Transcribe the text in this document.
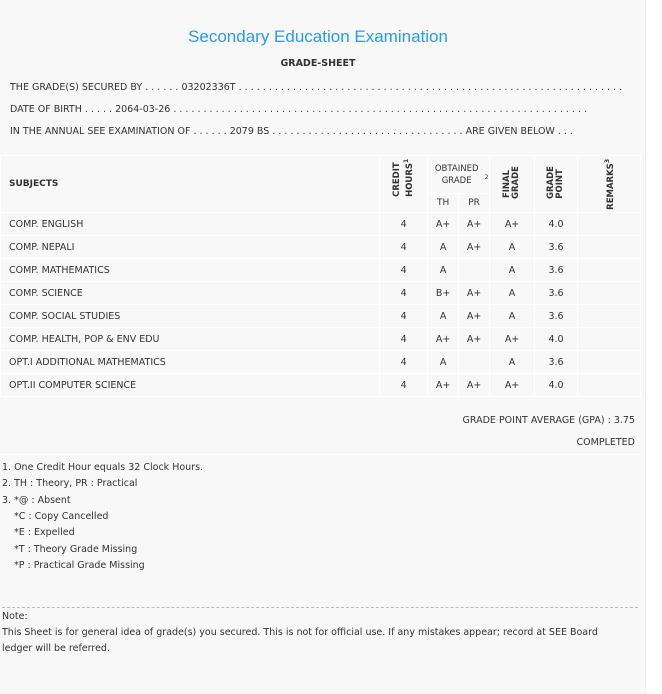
Secondary Education Examination
GRADE-SHEET
THE GRADE(S) SECURED BY . . . . . . 03202336T . . . . . . . . . . . . . . . . . . . . . . . . . . . . . . . . . . . . . . . . . . . . . . . . . . . . . . . . . . . . . . . .
DATE OF BIRTH . . . . . 2064-03-26 . . . . . . . . . . . . . . . . . . . . . . . . . . . . . . . . . . . . . . . . . . . . . . . . . . . . . . . . . . . . . . . . . . . . .
IN THE ANNUAL SEE EXAMINATION OF . . . . . . 2079 BS . . . . . . . . . . . . . . . . . . . . . . . . . . . . . . . . ARE GIVEN BELOW . . .
SUBJECTS	CREDIT HOURS$^1$	OBTAINED GRADE $^2$		FINAL GRADE	GRADE POINT	REMARKS$^3$
		TH	PR			
COMP. ENGLISH	4	A+	A+	A+	4.0	
COMP. NEPALI	4	A	A+	A	3.6	
COMP. MATHEMATICS	4	A		A	3.6	
COMP. SCIENCE	4	B+	A+	A	3.6	
COMP. SOCIAL STUDIES	4	A	A+	A	3.6	
COMP. HEALTH, POP & ENV EDU	4	A+	A+	A+	4.0	
OPT.I ADDITIONAL MATHEMATICS	4	A		A	3.6	
OPT.II COMPUTER SCIENCE	4	A+	A+	A+	4.0	
GRADE POINT AVERAGE (GPA) : 3.75
COMPLETED
1. One Credit Hour equals 32 Clock Hours.
2. TH : Theory, PR : Practical
3. *@ : Absent
*C : Copy Cancelled
*E : Expelled
*T : Theory Grade Missing
*P : Practical Grade Missing
Note:
This Sheet is for general idea of grade(s) you secured. This is not for official use. If any mistakes appear; record at SEE Board
ledger will be referred.
